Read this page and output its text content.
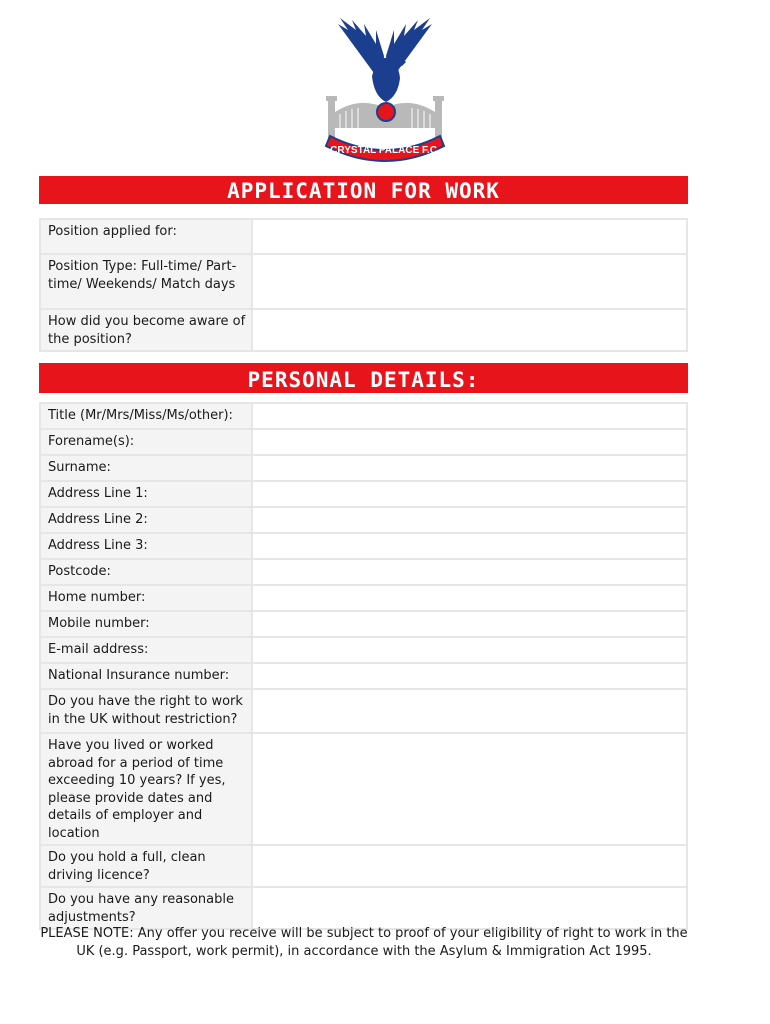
CRYSTAL PALACE F.C.
APPLICATION FOR WORK
Position applied for:	
Position Type: Full-time/ Part-time/ Weekends/ Match days	
How did you become aware of the position?	
PERSONAL DETAILS:
Title (Mr/Mrs/Miss/Ms/other):	
Forename(s):	
Surname:	
Address Line 1:	
Address Line 2:	
Address Line 3:	
Postcode:	
Home number:	
Mobile number:	
E-mail address:	
National Insurance number:	
Do you have the right to work in the UK without restriction?	
Have you lived or worked abroad for a period of time exceeding 10 years? If yes, please provide dates and details of employer and location	
Do you hold a full, clean driving licence?	
Do you have any reasonable adjustments?	
PLEASE NOTE: Any offer you receive will be subject to proof of your eligibility of right to work in the UK (e.g. Passport, work permit), in accordance with the Asylum & Immigration Act 1995.
